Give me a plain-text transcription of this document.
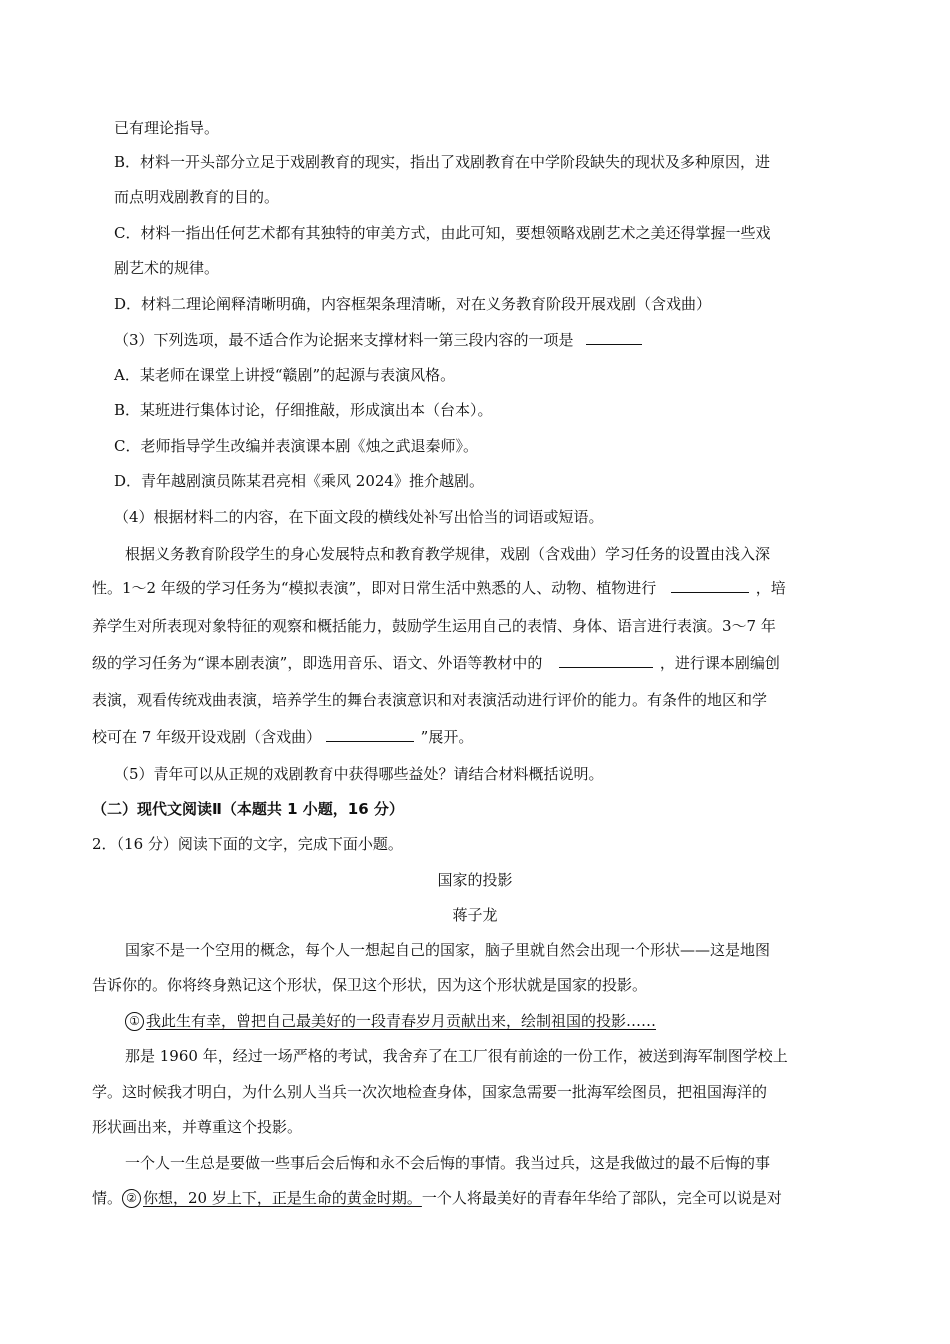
已有理论指导。
B．材料一开头部分立足于戏剧教育的现实，指出了戏剧教育在中学阶段缺失的现状及多种原因，进
而点明戏剧教育的目的。
C．材料一指出任何艺术都有其独特的审美方式，由此可知，要想领略戏剧艺术之美还得掌握一些戏
剧艺术的规律。
D．材料二理论阐释清晰明确，内容框架条理清晰，对在义务教育阶段开展戏剧（含戏曲）
（3）下列选项，最不适合作为论据来支撑材料一第三段内容的一项是
A．某老师在课堂上讲授“赣剧”的起源与表演风格。
B．某班进行集体讨论，仔细推敲，形成演出本（台本）。
C．老师指导学生改编并表演课本剧《烛之武退秦师》。
D．青年越剧演员陈某君亮相《乘风 2024》推介越剧。
（4）根据材料二的内容，在下面文段的横线处补写出恰当的词语或短语。
根据义务教育阶段学生的身心发展特点和教育教学规律，戏剧（含戏曲）学习任务的设置由浅入深
性。1～2 年级的学习任务为“模拟表演”，即对日常生活中熟悉的人、动物、植物进行	，培
养学生对所表现对象特征的观察和概括能力，鼓励学生运用自己的表情、身体、语言进行表演。3～7 年
级的学习任务为“课本剧表演”，即选用音乐、语文、外语等教材中的	，进行课本剧编创
表演，观看传统戏曲表演，培养学生的舞台表演意识和对表演活动进行评价的能力。有条件的地区和学
校可在 7 年级开设戏剧（含戏曲）	”展开。
（5）青年可以从正规的戏剧教育中获得哪些益处？请结合材料概括说明。
（二）现代文阅读Ⅱ（本题共 1 小题，16 分）
2．（16 分）阅读下面的文字，完成下面小题。
国家的投影
蒋子龙
国家不是一个空用的概念，每个人一想起自己的国家，脑子里就自然会出现一个形状——这是地图
告诉你的。你将终身熟记这个形状，保卫这个形状，因为这个形状就是国家的投影。
① 我此生有幸，曾把自己最美好的一段青春岁月贡献出来，绘制祖国的投影……
那是 1960 年，经过一场严格的考试，我舍弃了在工厂很有前途的一份工作，被送到海军制图学校上
学。这时候我才明白，为什么别人当兵一次次地检查身体，国家急需要一批海军绘图员，把祖国海洋的
形状画出来，并尊重这个投影。
一个人一生总是要做一些事后会后悔和永不会后悔的事情。我当过兵，这是我做过的最不后悔的事
情。 ② 你想，20 岁上下，正是生命的黄金时期。一个人将最美好的青春年华给了部队，完全可以说是对
